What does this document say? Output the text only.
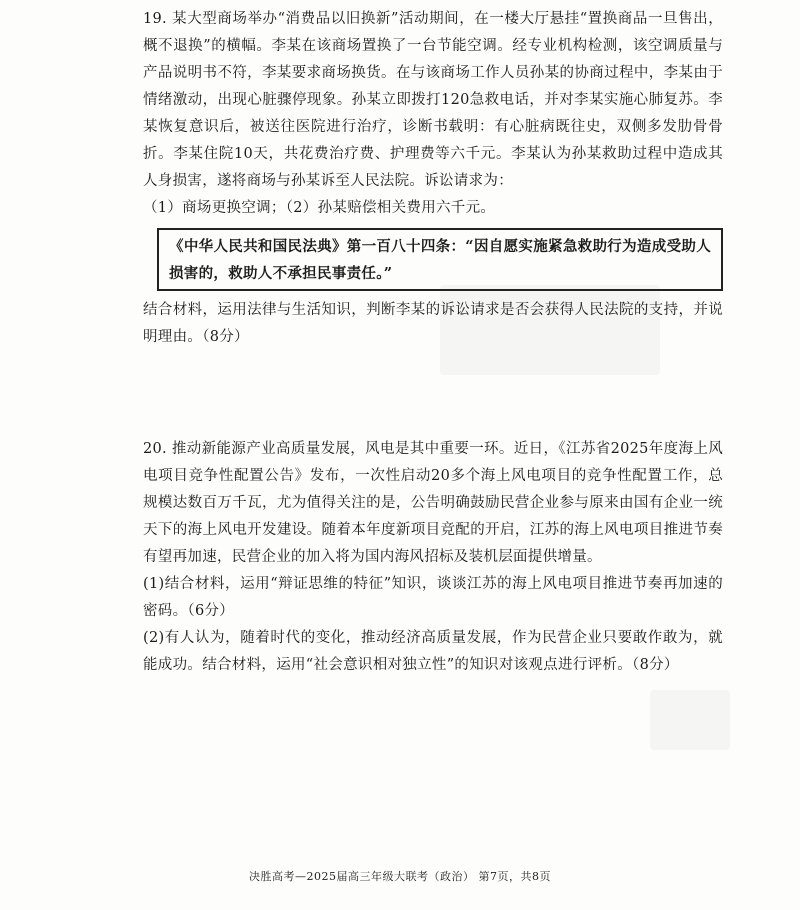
19. 某大型商场举办“消费品以旧换新”活动期间，在一楼大厅悬挂“置换商品一旦售出，概不退换”的横幅。李某在该商场置换了一台节能空调。经专业机构检测，该空调质量与产品说明书不符，李某要求商场换货。在与该商场工作人员孙某的协商过程中，李某由于情绪激动，出现心脏骤停现象。孙某立即拨打120急救电话，并对李某实施心肺复苏。李某恢复意识后，被送往医院进行治疗，诊断书载明：有心脏病既往史，双侧多发肋骨骨折。李某住院10天，共花费治疗费、护理费等六千元。李某认为孙某救助过程中造成其人身损害，遂将商场与孙某诉至人民法院。诉讼请求为：

（1）商场更换空调；（2）孙某赔偿相关费用六千元。

《中华人民共和国民法典》第一百八十四条：“因自愿实施紧急救助行为造成受助人损害的，救助人不承担民事责任。”

结合材料，运用法律与生活知识，判断李某的诉讼请求是否会获得人民法院的支持，并说明理由。（8分）

20. 推动新能源产业高质量发展，风电是其中重要一环。近日，《江苏省2025年度海上风电项目竞争性配置公告》发布，一次性启动20多个海上风电项目的竞争性配置工作，总规模达数百万千瓦，尤为值得关注的是，公告明确鼓励民营企业参与原来由国有企业一统天下的海上风电开发建设。随着本年度新项目竞配的开启，江苏的海上风电项目推进节奏有望再加速，民营企业的加入将为国内海风招标及装机层面提供增量。

(1)结合材料，运用“辩证思维的特征”知识，谈谈江苏的海上风电项目推进节奏再加速的密码。（6分）

(2)有人认为，随着时代的变化，推动经济高质量发展，作为民营企业只要敢作敢为，就能成功。结合材料，运用“社会意识相对独立性”的知识对该观点进行评析。（8分）

决胜高考—2025届高三年级大联考（政治） 第7页，共8页
